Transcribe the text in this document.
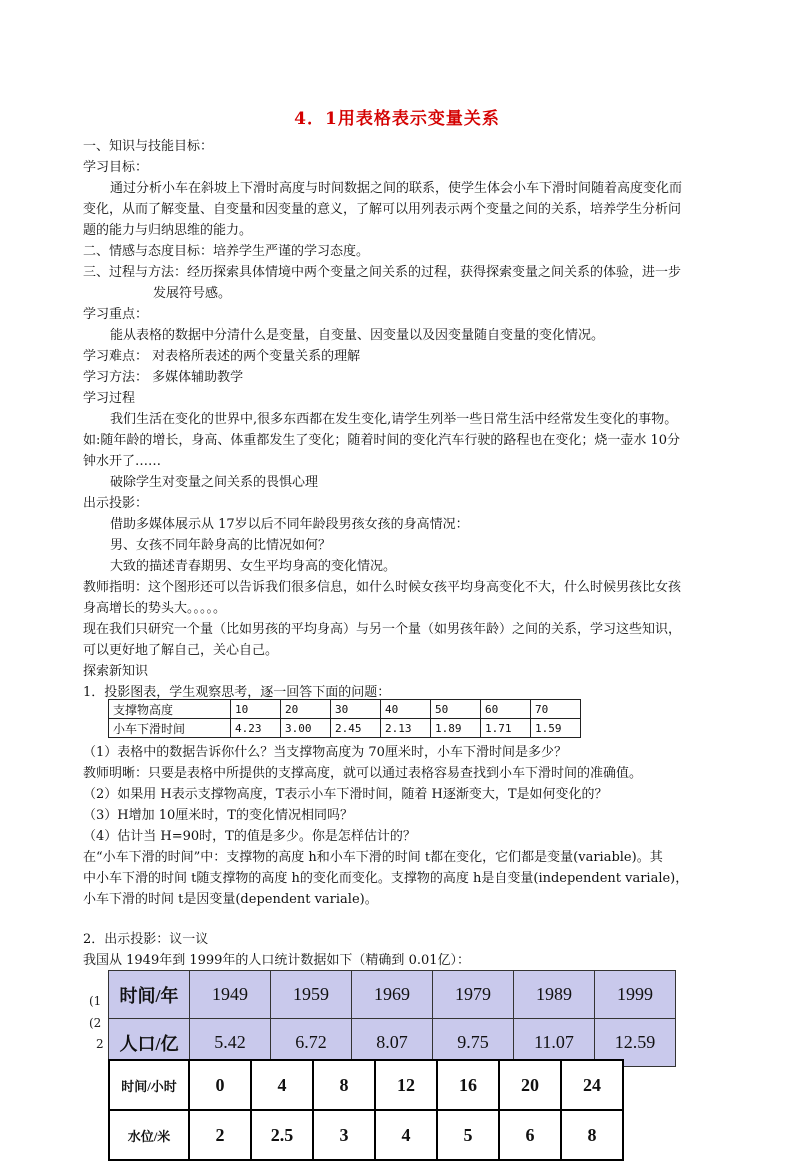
4．1用表格表示变量关系
一、知识与技能目标：
学习目标：
通过分析小车在斜坡上下滑时高度与时间数据之间的联系，使学生体会小车下滑时间随着高度变化而
变化，从而了解变量、自变量和因变量的意义，了解可以用列表示两个变量之间的关系，培养学生分析问
题的能力与归纳思维的能力。
二、情感与态度目标：培养学生严谨的学习态度。
三、过程与方法：经历探索具体情境中两个变量之间关系的过程，获得探索变量之间关系的体验，进一步
发展符号感。
学习重点：
能从表格的数据中分清什么是变量，自变量、因变量以及因变量随自变量的变化情况。
学习难点： 对表格所表述的两个变量关系的理解
学习方法： 多媒体辅助教学
学习过程
我们生活在变化的世界中,很多东西都在发生变化,请学生列举一些日常生活中经常发生变化的事物。
如:随年龄的增长，身高、体重都发生了变化；随着时间的变化汽车行驶的路程也在变化；烧一壶水 10分
钟水开了……
破除学生对变量之间关系的畏惧心理
出示投影：
借助多媒体展示从 17岁以后不同年龄段男孩女孩的身高情况：
男、女孩不同年龄身高的比情况如何？
大致的描述青春期男、女生平均身高的变化情况。
教师指明：这个图形还可以告诉我们很多信息，如什么时候女孩平均身高变化不大，什么时候男孩比女孩
身高增长的势头大。。。。。
现在我们只研究一个量（比如男孩的平均身高）与另一个量（如男孩年龄）之间的关系，学习这些知识，
可以更好地了解自己，关心自己。
探索新知识
1．投影图表，学生观察思考，逐一回答下面的问题：
支撑物高度	10	20	30	40	50	60	70
小车下滑时间	4.23	3.00	2.45	2.13	1.89	1.71	1.59
（1）表格中的数据告诉你什么？当支撑物高度为 70厘米时，小车下滑时间是多少？
教师明晰：只要是表格中所提供的支撑高度，就可以通过表格容易查找到小车下滑时间的准确值。
（2）如果用 H表示支撑物高度，T表示小车下滑时间，随着 H逐渐变大，T是如何变化的？
（3）H增加 10厘米时，T的变化情况相同吗？
（4）估计当 H=90时，T的值是多少。你是怎样估计的？
在“小车下滑的时间”中：支撑物的高度 h和小车下滑的时间 t都在变化，它们都是变量(variable)。其
中小车下滑的时间 t随支撑物的高度 h的变化而变化。支撑物的高度 h是自变量(independent variale)，
小车下滑的时间 t是因变量(dependent variale)。
2．出示投影：议一议
我国从 1949年到 1999年的人口统计数据如下（精确到 0.01亿）：
(1
(2
2
时间/年	1949	1959	1969	1979	1989	1999
人口/亿	5.42	6.72	8.07	9.75	11.07	12.59
时间/小时	0	4	8	12	16	20	24
水位/米	2	2.5	3	4	5	6	8
